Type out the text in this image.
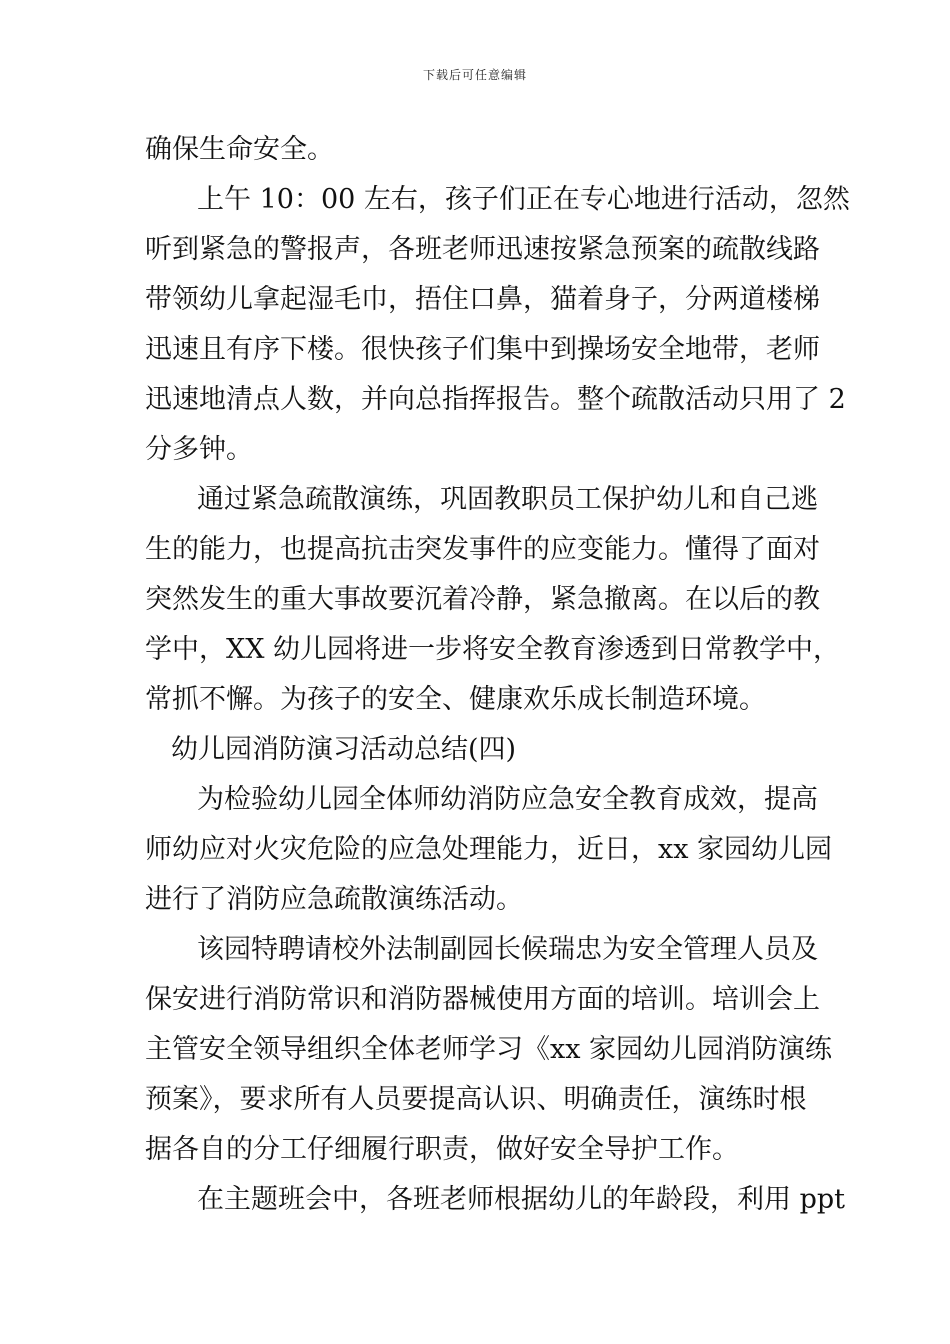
下载后可任意编辑
确保生命安全。
上午 10：00 左右，孩子们正在专心地进行活动，忽然
听到紧急的警报声，各班老师迅速按紧急预案的疏散线路
带领幼儿拿起湿毛巾，捂住口鼻，猫着身子，分两道楼梯
迅速且有序下楼。很快孩子们集中到操场安全地带，老师
迅速地清点人数，并向总指挥报告。整个疏散活动只用了 2
分多钟。
通过紧急疏散演练，巩固教职员工保护幼儿和自己逃
生的能力，也提高抗击突发事件的应变能力。懂得了面对
突然发生的重大事故要沉着冷静，紧急撤离。在以后的教
学中，XX 幼儿园将进一步将安全教育渗透到日常教学中，
常抓不懈。为孩子的安全、健康欢乐成长制造环境。
幼儿园消防演习活动总结(四)
为检验幼儿园全体师幼消防应急安全教育成效，提高
师幼应对火灾危险的应急处理能力，近日，xx 家园幼儿园
进行了消防应急疏散演练活动。
该园特聘请校外法制副园长候瑞忠为安全管理人员及
保安进行消防常识和消防器械使用方面的培训。培训会上
主管安全领导组织全体老师学习《xx 家园幼儿园消防演练
预案》，要求所有人员要提高认识、明确责任，演练时根
据各自的分工仔细履行职责，做好安全导护工作。
在主题班会中，各班老师根据幼儿的年龄段，利用 ppt
